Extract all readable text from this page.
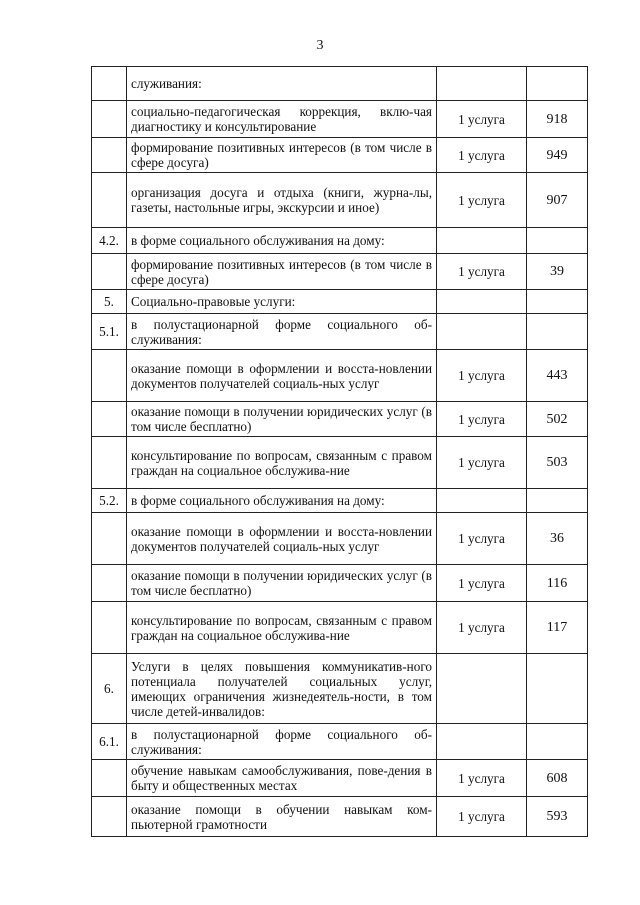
3
	служивания:		
	социально-педагогическая коррекция, вклю-чая диагностику и консультирование	1 услуга	918
	формирование позитивных интересов (в том числе в сфере досуга)	1 услуга	949
	организация досуга и отдыха (книги, журна-лы, газеты, настольные игры, экскурсии и иное)	1 услуга	907
4.2.	в форме социального обслуживания на дому:		
	формирование позитивных интересов (в том числе в сфере досуга)	1 услуга	39
5.	Социально-правовые услуги:		
5.1.	в полустационарной форме социального об-служивания:		
	оказание помощи в оформлении и восста-новлении документов получателей социаль-ных услуг	1 услуга	443
	оказание помощи в получении юридических услуг (в том числе бесплатно)	1 услуга	502
	консультирование по вопросам, связанным с правом граждан на социальное обслужива-ние	1 услуга	503
5.2.	в форме социального обслуживания на дому:		
	оказание помощи в оформлении и восста-новлении документов получателей социаль-ных услуг	1 услуга	36
	оказание помощи в получении юридических услуг (в том числе бесплатно)	1 услуга	116
	консультирование по вопросам, связанным с правом граждан на социальное обслужива-ние	1 услуга	117
6.	Услуги в целях повышения коммуникатив-ного потенциала получателей социальных услуг, имеющих ограничения жизнедеятель-ности, в том числе детей-инвалидов:		
6.1.	в полустационарной форме социального об-служивания:		
	обучение навыкам самообслуживания, пове-дения в быту и общественных местах	1 услуга	608
	оказание помощи в обучении навыкам ком-пьютерной грамотности	1 услуга	593
